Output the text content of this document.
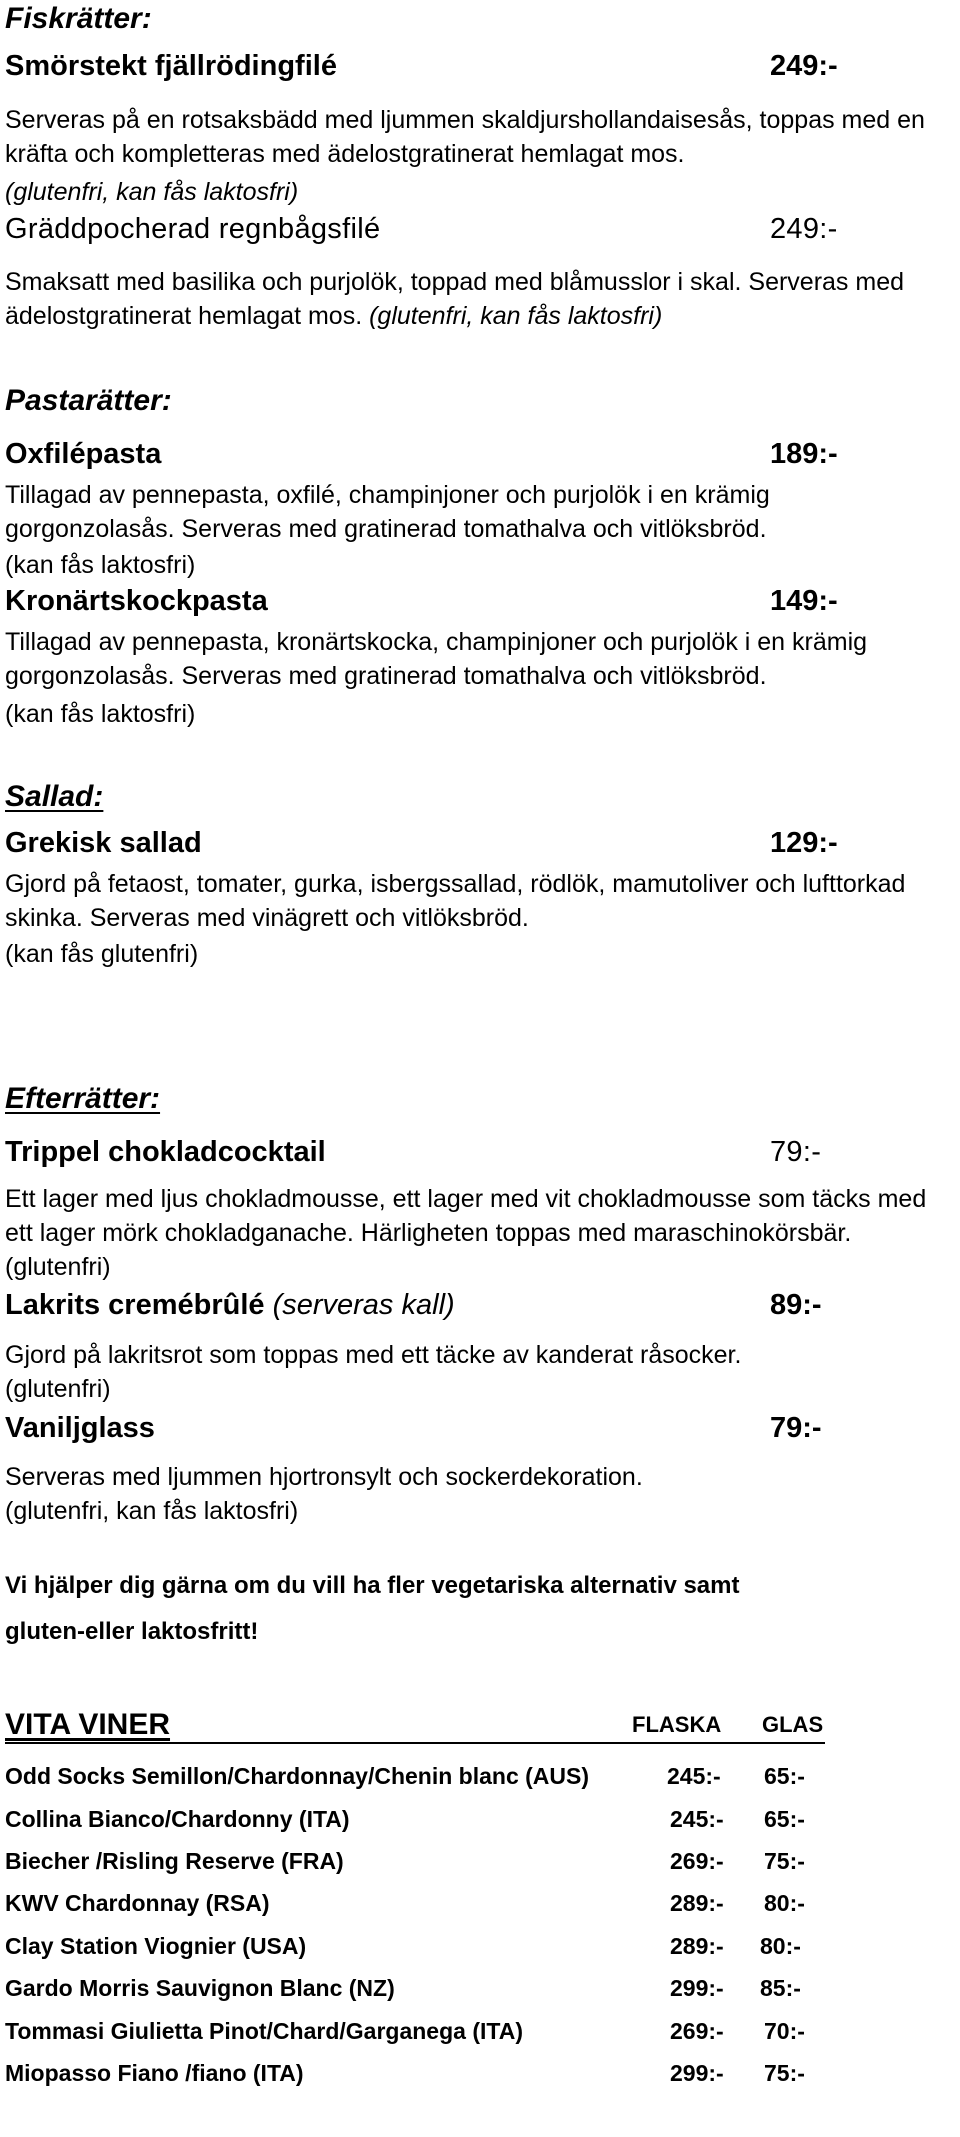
Fiskrätter:
Smörstekt fjällrödingfilé	249:-
Serveras på en rotsaksbädd med ljummen skaldjurshollandaisesås, toppas med en kräfta och kompletteras med ädelostgratinerat hemlagat mos.
(glutenfri, kan fås laktosfri)
Gräddpocherad regnbågsfilé	249:-
Smaksatt med basilika och purjolök, toppad med blåmusslor i skal. Serveras med ädelostgratinerat hemlagat mos. (glutenfri, kan fås laktosfri)
Pastarätter:
Oxfilépasta	189:-
Tillagad av pennepasta, oxfilé, champinjoner och purjolök i en krämig gorgonzolasås. Serveras med gratinerad tomathalva och vitlöksbröd.
(kan fås laktosfri)
Kronärtskockpasta	149:-
Tillagad av pennepasta, kronärtskocka, champinjoner och purjolök i en krämig gorgonzolasås. Serveras med gratinerad tomathalva och vitlöksbröd.
(kan fås laktosfri)
Sallad:
Grekisk sallad	129:-
Gjord på fetaost, tomater, gurka, isbergssallad, rödlök, mamutoliver och lufttorkad skinka. Serveras med vinägrett och vitlöksbröd.
(kan fås glutenfri)
Efterrätter:
Trippel chokladcocktail	79:-
Ett lager med ljus chokladmousse, ett lager med vit chokladmousse som täcks med ett lager mörk chokladganache. Härligheten toppas med maraschinokörsbär. (glutenfri)
Lakrits cremébrûlé (serveras kall)	89:-
Gjord på lakritsrot som toppas med ett täcke av kanderat råsocker.
(glutenfri)
Vaniljglass	79:-
Serveras med ljummen hjortronsylt och sockerdekoration.
(glutenfri, kan fås laktosfri)
Vi hjälper dig gärna om du vill ha fler vegetariska alternativ samt
gluten-eller laktosfritt!
VITA VINER	FLASKA GLAS
Odd Socks Semillon/Chardonnay/Chenin blanc (AUS)	245:- 65:-
Collina Bianco/Chardonny (ITA)	245:- 65:-
Biecher /Risling Reserve (FRA)	269:- 75:-
KWV Chardonnay (RSA)	289:- 80:-
Clay Station Viognier (USA)	289:- 80:-
Gardo Morris Sauvignon Blanc (NZ)	299:- 85:-
Tommasi Giulietta Pinot/Chard/Garganega (ITA)	269:- 70:-
Miopasso Fiano /fiano (ITA)	299:- 75:-
